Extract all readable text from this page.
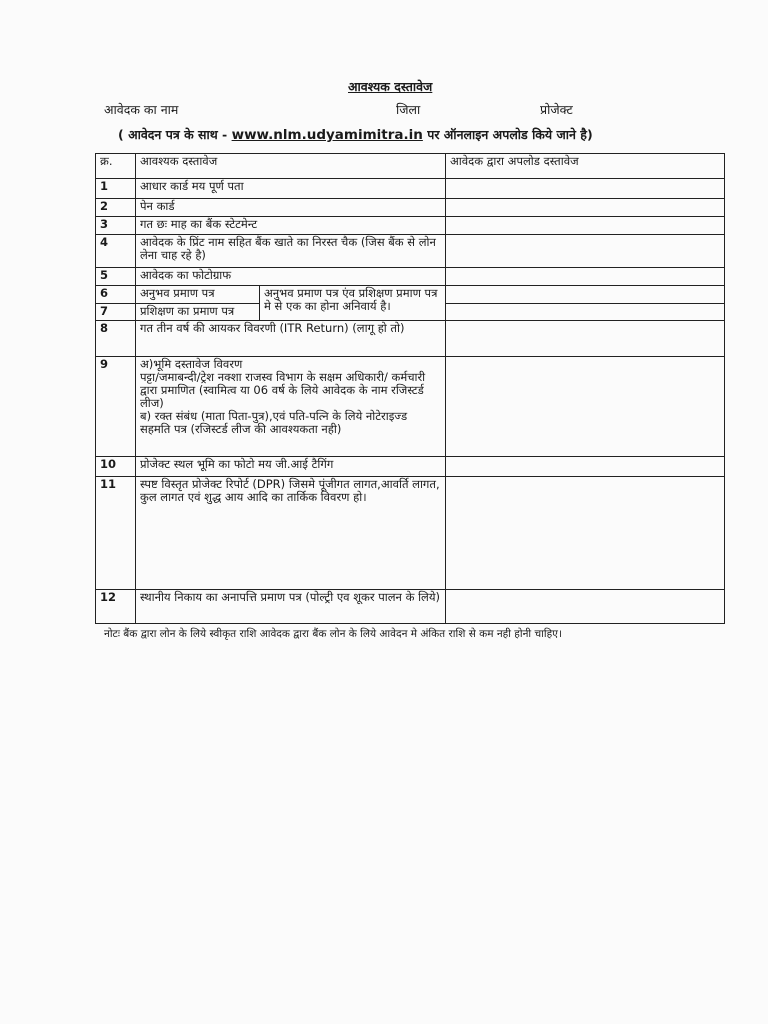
आवश्यक दस्तावेज
आवेदक का नाम	जिला	प्रोजेक्ट
( आवेदन पत्र के साथ - www.nlm.udyamimitra.in पर ऑनलाइन अपलोड किये जाने है)
क्र.	आवश्यक दस्तावेज		आवेदक द्वारा अपलोड दस्तावेज
1	आधार कार्ड मय पूर्ण पता		
2	पेन कार्ड		
3	गत छः माह का बैंक स्टेटमेन्ट		
4	आवेदक के प्रिंट नाम सहित बैंक खाते का निरस्त चैक (जिस बैंक से लोन लेना चाह रहे है)		
5	आवेदक का फोटोग्राफ		
6	अनुभव प्रमाण पत्र	अनुभव प्रमाण पत्र एंव प्रशिक्षण प्रमाण पत्र मे से एक का होना अनिवार्य है।	
7	प्रशिक्षण का प्रमाण पत्र		
8	गत तीन वर्ष की आयकर विवरणी (ITR Return) (लागू हो तो)		
9	अ)भूमि दस्तावेज विवरण
पट्टा/जमाबन्दी/ट्रेश नक्शा राजस्व विभाग के सक्षम अधिकारी/ कर्मचारी द्वारा प्रमाणित (स्वामित्व या 06 वर्ष के लिये आवेदक के नाम रजिस्टर्ड लीज)
ब) रक्त संबंध (माता पिता-पुत्र),एवं पति-पत्नि के लिये नोटेराइज्ड सहमति पत्र (रजिस्टर्ड लीज की आवश्यकता नही)		

10	प्रोजेक्ट स्थल भूमि का फोटो मय जी.आई टैगिंग		
11	स्पष्ट विस्तृत प्रोजेक्ट रिपोर्ट (DPR) जिसमे पूंजीगत लागत,आवर्ति लागत, कुल लागत एवं शुद्ध आय आदि का तार्किक विवरण हो।		
12	स्थानीय निकाय का अनापत्ति प्रमाण पत्र (पोल्ट्री एव शूकर पालन के लिये)		
नोटः बैंक द्वारा लोन के लिये स्वीकृत राशि आवेदक द्वारा बैंक लोन के लिये आवेदन मे अंकित राशि से कम नही होनी चाहिए।
